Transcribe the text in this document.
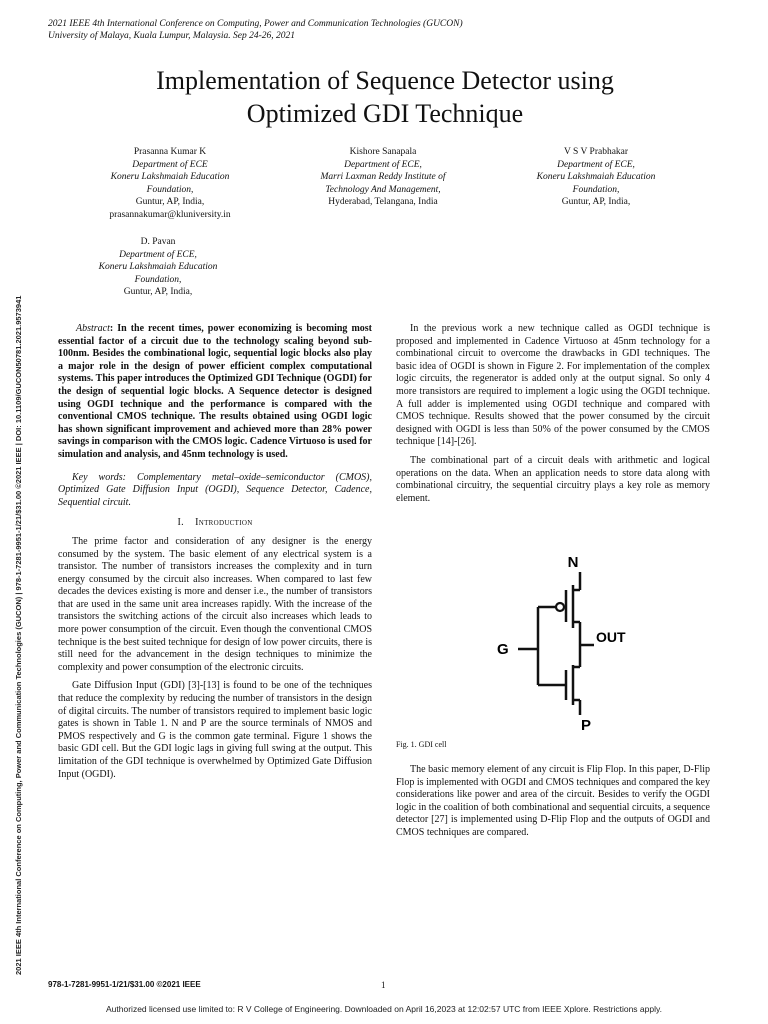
2021 IEEE 4th International Conference on Computing, Power and Communication Technologies (GUCON)
University of Malaya, Kuala Lumpur, Malaysia. Sep 24-26, 2021
2021 IEEE 4th International Conference on Computing, Power and Communication Technologies (GUCON) | 978-1-7281-9951-1/21/$31.00 ©2021 IEEE | DOI: 10.1109/GUCON50781.2021.9573941
Implementation of Sequence Detector using
Optimized GDI Technique
Prasanna Kumar K
Department of ECE
Koneru Lakshmaiah Education
Foundation,
Guntur, AP, India,
prasannakumar@kluniversity.in
Kishore Sanapala
Department of ECE,
Marri Laxman Reddy Institute of
Technology And Management,
Hyderabad, Telangana, India
V S V Prabhakar
Department of ECE,
Koneru Lakshmaiah Education
Foundation,
Guntur, AP, India,
D. Pavan
Department of ECE,
Koneru Lakshmaiah Education
Foundation,
Guntur, AP, India,

Abstract: In the recent times, power economizing is becoming most essential factor of a circuit due to the technology scaling beyond sub-100nm. Besides the combinational logic, sequential logic blocks also play a major role in the design of power efficient complex computational systems. This paper introduces the Optimized GDI Technique (OGDI) for the design of sequential logic blocks. A Sequence detector is designed using OGDI technique and the performance is compared with the conventional CMOS technique. The results obtained using OGDI logic has shown significant improvement and achieved more than 28% power savings in comparison with the CMOS logic. Cadence Virtuoso is used for simulation and analysis, and 45nm technology is used.

Key words: Complementary metal–oxide–semiconductor (CMOS), Optimized Gate Diffusion Input (OGDI), Sequence Detector, Cadence, Sequential circuit.

I. Introduction

The prime factor and consideration of any designer is the energy consumed by the system. The basic element of any electrical system is a transistor. The number of transistors increases the complexity and in turn energy consumed by the circuit also increases. When compared to last few decades the devices existing is more and denser i.e., the number of transistors that are used in the same unit area increases rapidly. With the increase of the transistors the switching actions of the circuit also increases which leads to more power consumption of the circuit. Even though the conventional CMOS technique is the best suited technique for design of low power circuits, there is still need for the advancement in the design techniques to minimize the complexity and power consumption of the electronic circuits.

Gate Diffusion Input (GDI) [3]-[13] is found to be one of the techniques that reduce the complexity by reducing the number of transistors in the design of digital circuits. The number of transistors required to implement basic logic gates is shown in Table 1. N and P are the source terminals of NMOS and PMOS respectively and G is the common gate terminal. Figure 1 shows the basic GDI cell. But the GDI logic lags in giving full swing at the output. This limitation of the GDI technique is overwhelmed by Optimized Gate Diffusion Input (OGDI).

In the previous work a new technique called as OGDI technique is proposed and implemented in Cadence Virtuoso at 45nm technology for a combinational circuit to overcome the drawbacks in GDI techniques. The basic idea of OGDI is shown in Figure 2. For implementation of the complex logic circuits, the regenerator is added only at the output signal. So only 4 more transistors are required to implement a logic using the OGDI technique. A full adder is implemented using OGDI technique and compared with CMOS technique. Results showed that the power consumed by the circuit designed with OGDI is less than 50% of the power consumed by the CMOS technique [14]-[26].

The combinational part of a circuit deals with arithmetic and logical operations on the data. When an application needs to store data along with combinational circuitry, the sequential circuitry plays a key role as memory element.

N
G
OUT
P
Fig. 1. GDI cell

The basic memory element of any circuit is Flip Flop. In this paper, D-Flip Flop is implemented with OGDI and CMOS techniques and compared the key considerations like power and area of the circuit. Besides to verify the OGDI logic in the coalition of both combinational and sequential circuits, a sequence detector [27] is implemented using D-Flip Flop and the outputs of OGDI and CMOS techniques are compared.

978-1-7281-9951-1/21/$31.00 ©2021 IEEE	1
Authorized licensed use limited to: R V College of Engineering. Downloaded on April 16,2023 at 12:02:57 UTC from IEEE Xplore. Restrictions apply.
